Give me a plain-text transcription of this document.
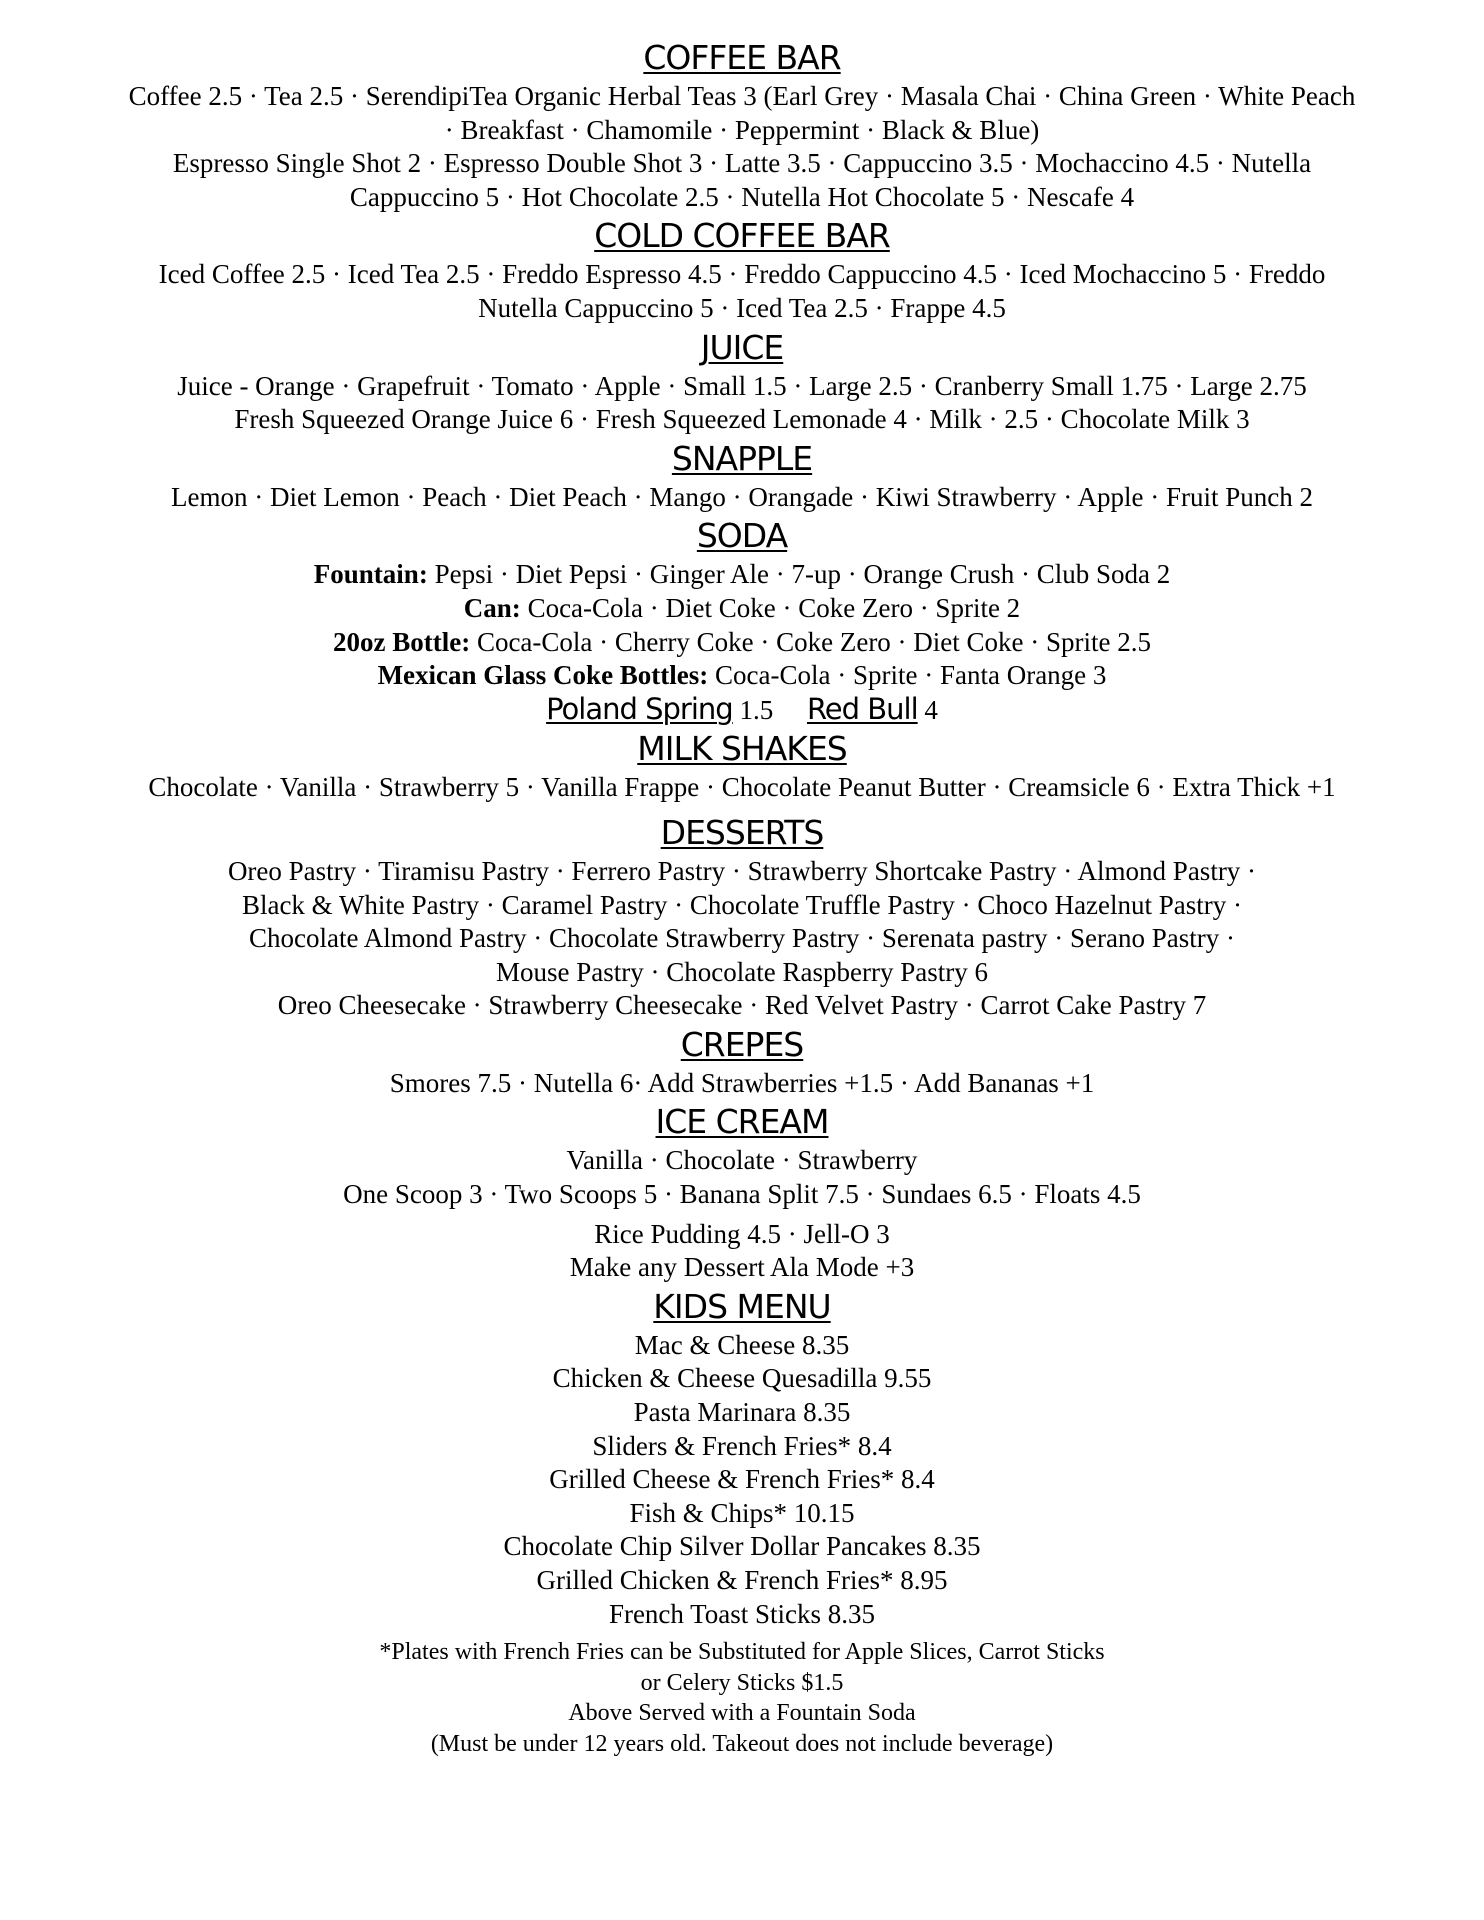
COFFEE BAR

Coffee 2.5 · Tea 2.5 · SerendipiTea Organic Herbal Teas 3 (Earl Grey · Masala Chai · China Green · White Peach

· Breakfast · Chamomile · Peppermint · Black & Blue)

Espresso Single Shot 2 · Espresso Double Shot 3 · Latte 3.5 · Cappuccino 3.5 · Mochaccino 4.5 · Nutella

Cappuccino 5 · Hot Chocolate 2.5 · Nutella Hot Chocolate 5 · Nescafe 4

COLD COFFEE BAR

Iced Coffee 2.5 · Iced Tea 2.5 · Freddo Espresso 4.5 · Freddo Cappuccino 4.5 · Iced Mochaccino 5 · Freddo

Nutella Cappuccino 5 · Iced Tea 2.5 · Frappe 4.5

JUICE

Juice - Orange · Grapefruit · Tomato · Apple · Small 1.5 · Large 2.5 · Cranberry Small 1.75 · Large 2.75

Fresh Squeezed Orange Juice 6 · Fresh Squeezed Lemonade 4 · Milk · 2.5 · Chocolate Milk 3

SNAPPLE

Lemon · Diet Lemon · Peach · Diet Peach · Mango · Orangade · Kiwi Strawberry · Apple · Fruit Punch 2

SODA

Fountain: Pepsi · Diet Pepsi · Ginger Ale · 7-up · Orange Crush · Club Soda 2

Can: Coca-Cola · Diet Coke · Coke Zero · Sprite 2

20oz Bottle: Coca-Cola · Cherry Coke · Coke Zero · Diet Coke · Sprite 2.5

Mexican Glass Coke Bottles: Coca-Cola · Sprite · Fanta Orange 3

Poland Spring 1.5 Red Bull 4

MILK SHAKES

Chocolate · Vanilla · Strawberry 5 · Vanilla Frappe · Chocolate Peanut Butter · Creamsicle 6 · Extra Thick +1

DESSERTS

Oreo Pastry · Tiramisu Pastry · Ferrero Pastry · Strawberry Shortcake Pastry · Almond Pastry ·

Black & White Pastry · Caramel Pastry · Chocolate Truffle Pastry · Choco Hazelnut Pastry ·

Chocolate Almond Pastry · Chocolate Strawberry Pastry · Serenata pastry · Serano Pastry ·

Mouse Pastry · Chocolate Raspberry Pastry 6

Oreo Cheesecake · Strawberry Cheesecake · Red Velvet Pastry · Carrot Cake Pastry 7

CREPES

Smores 7.5 · Nutella 6· Add Strawberries +1.5 · Add Bananas +1

ICE CREAM

Vanilla · Chocolate · Strawberry

One Scoop 3 · Two Scoops 5 · Banana Split 7.5 · Sundaes 6.5 · Floats 4.5

Rice Pudding 4.5 · Jell-O 3

Make any Dessert Ala Mode +3

KIDS MENU

Mac & Cheese 8.35

Chicken & Cheese Quesadilla 9.55

Pasta Marinara 8.35

Sliders & French Fries* 8.4

Grilled Cheese & French Fries* 8.4

Fish & Chips* 10.15

Chocolate Chip Silver Dollar Pancakes 8.35

Grilled Chicken & French Fries* 8.95

French Toast Sticks 8.35

*Plates with French Fries can be Substituted for Apple Slices, Carrot Sticks

or Celery Sticks $1.5

Above Served with a Fountain Soda

(Must be under 12 years old. Takeout does not include beverage)
